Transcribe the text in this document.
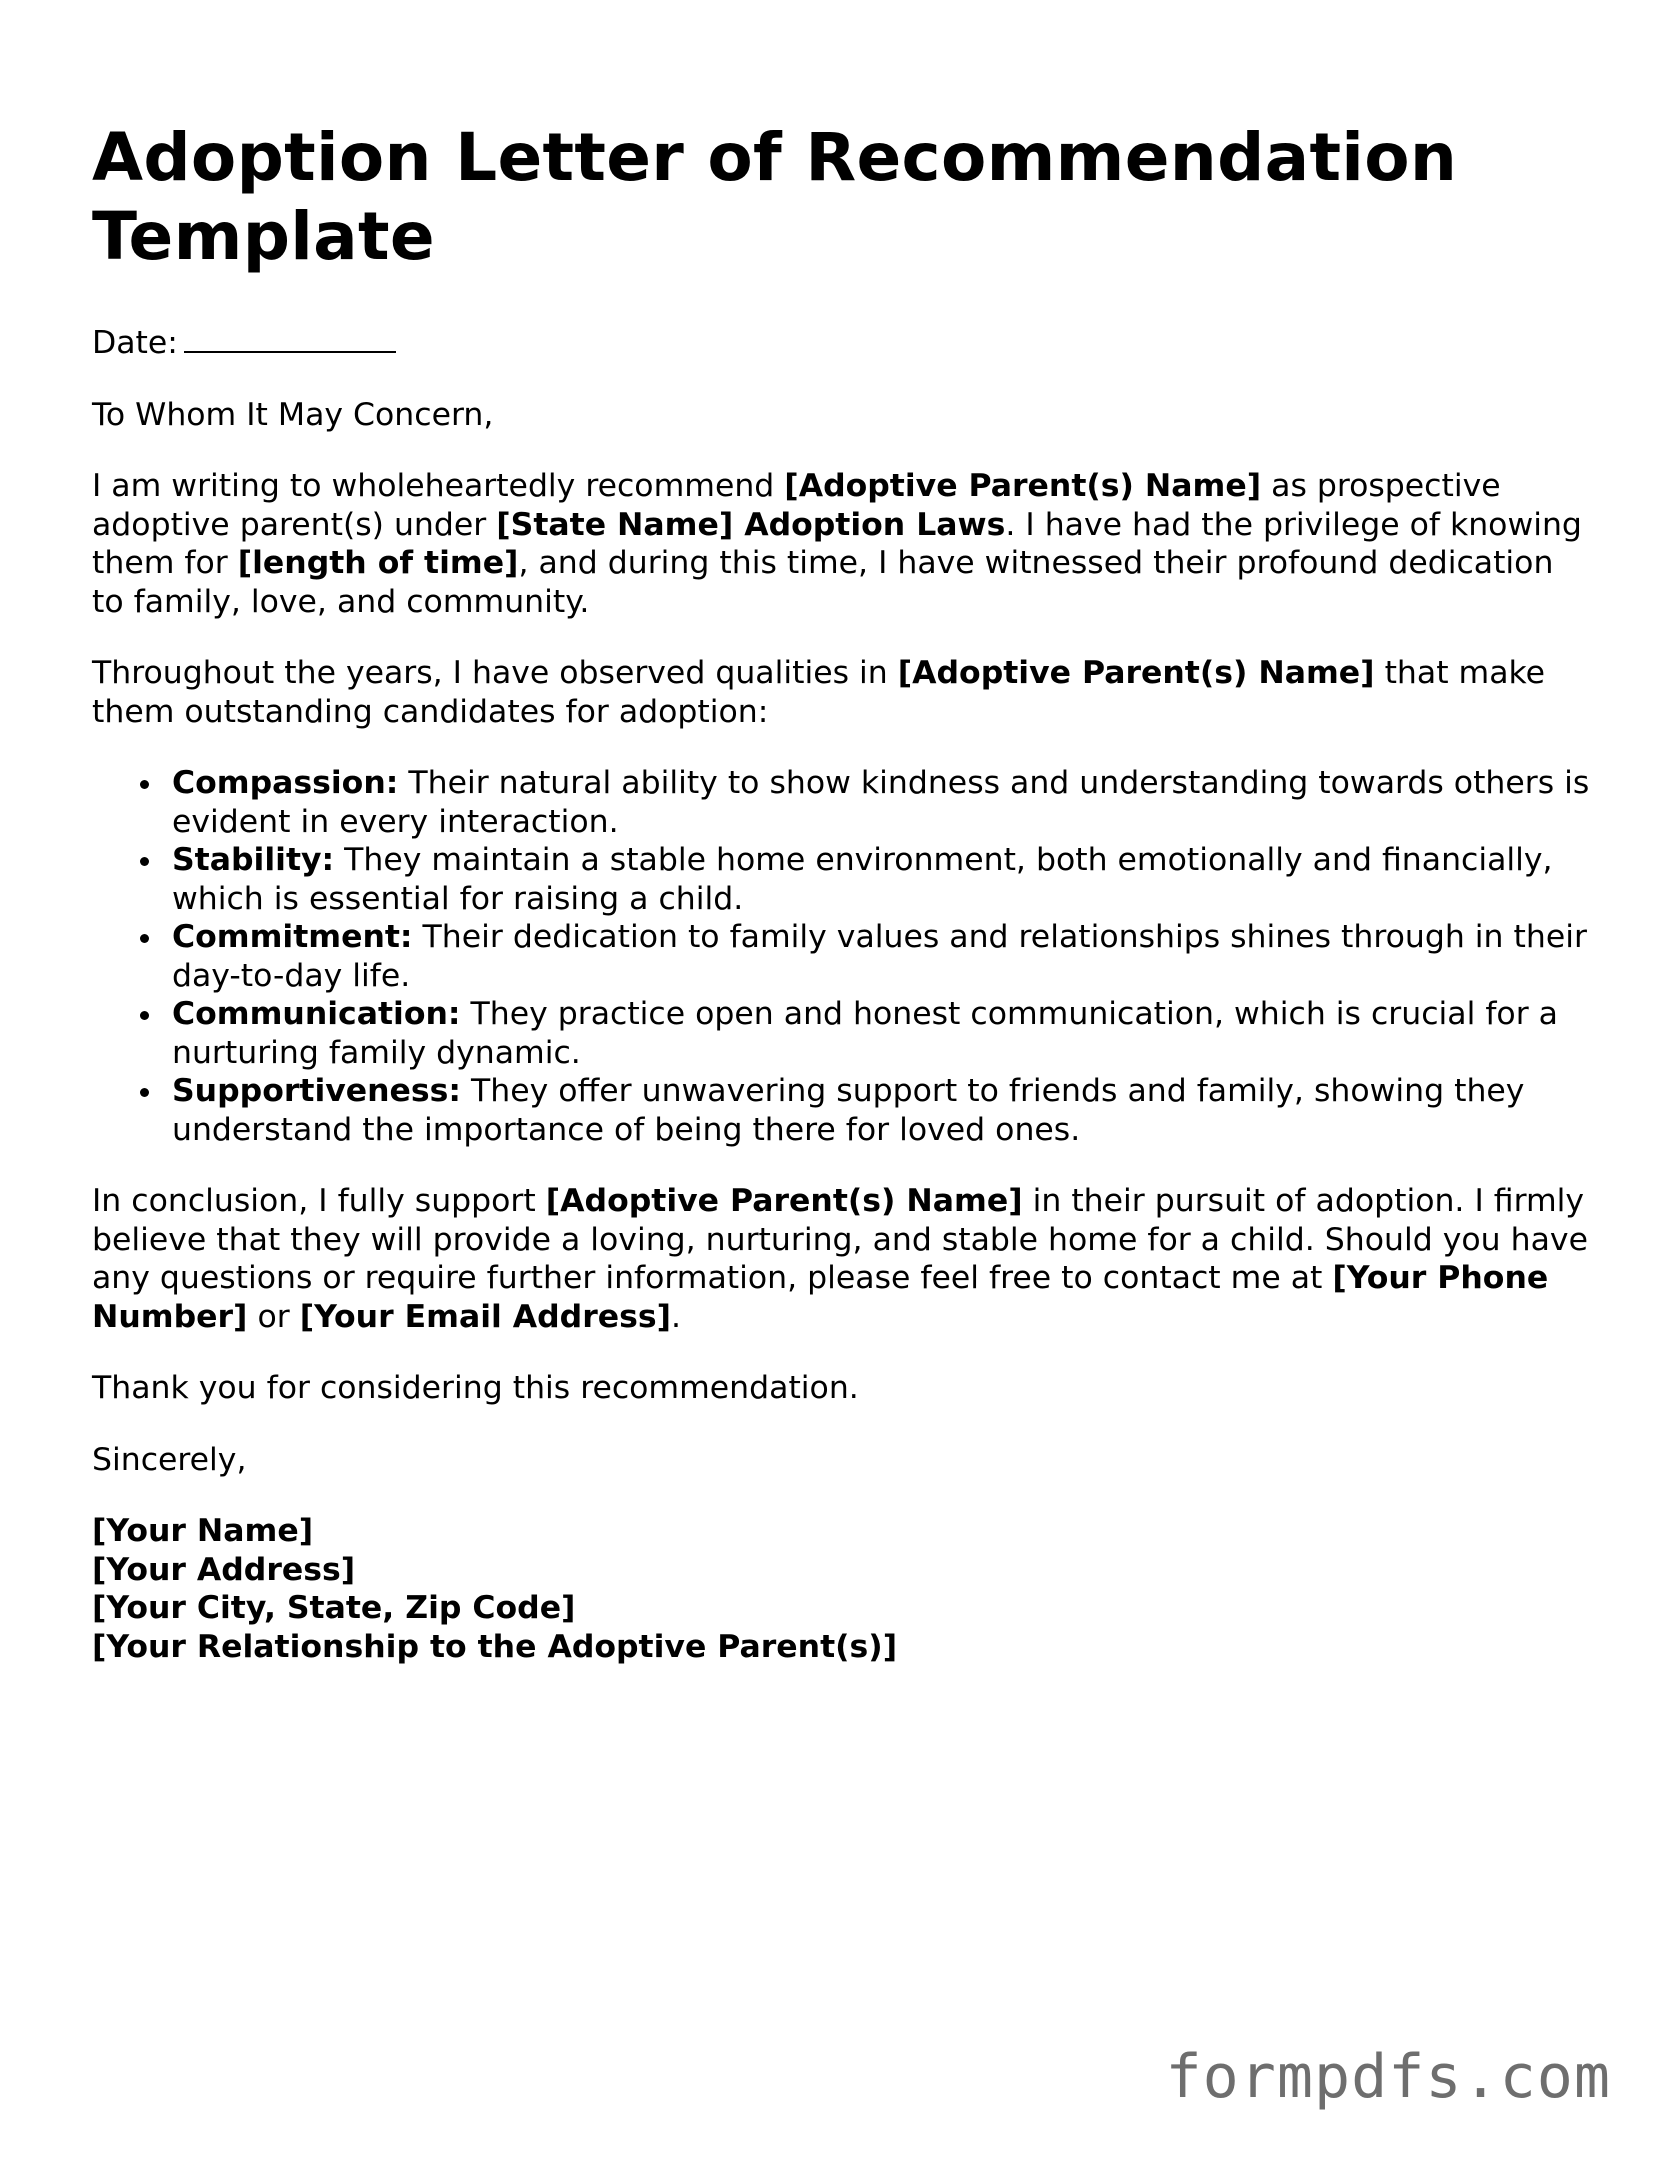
Adoption Letter of Recommendation Template

Date:

To Whom It May Concern,

I am writing to wholeheartedly recommend [Adoptive Parent(s) Name] as prospective adoptive parent(s) under [State Name] Adoption Laws. I have had the privilege of knowing them for [length of time], and during this time, I have witnessed their profound dedication to family, love, and community.

Throughout the years, I have observed qualities in [Adoptive Parent(s) Name] that make them outstanding candidates for adoption:

Compassion: Their natural ability to show kindness and understanding towards others is evident in every interaction.
Stability: They maintain a stable home environment, both emotionally and financially, which is essential for raising a child.
Commitment: Their dedication to family values and relationships shines through in their day-to-day life.
Communication: They practice open and honest communication, which is crucial for a nurturing family dynamic.
Supportiveness: They offer unwavering support to friends and family, showing they understand the importance of being there for loved ones.

In conclusion, I fully support [Adoptive Parent(s) Name] in their pursuit of adoption. I firmly believe that they will provide a loving, nurturing, and stable home for a child. Should you have any questions or require further information, please feel free to contact me at [Your Phone Number] or [Your Email Address].

Thank you for considering this recommendation.

Sincerely,

[Your Name]
[Your Address]
[Your City, State, Zip Code]
[Your Relationship to the Adoptive Parent(s)]
formpdfs.com
